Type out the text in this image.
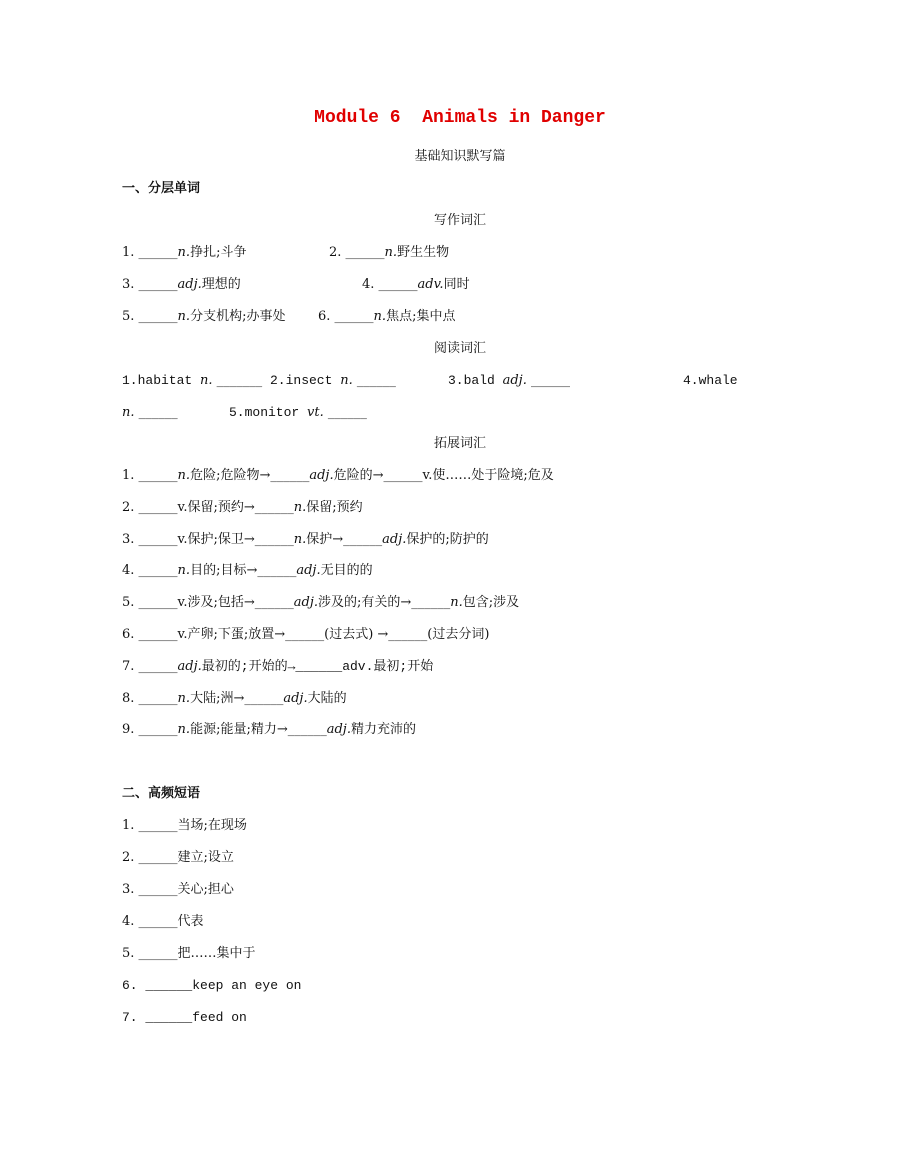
Module 6  Animals in Danger
基础知识默写篇
一、分层单词
写作词汇
阅读词汇
拓展词汇
二、高频短语
1. ______n.挣扎;斗争	2. ______n.野生生物
3. ______adj.理想的	4. ______adv.同时
5. ______n.分支机构;办事处	6. ______n.焦点;集中点
1.habitat n. _______ 2.insect n. ______	3.bald adj. ______	4.whale
n. ______	5.monitor vt. ______
1. ______n.危险;危险物→______adj.危险的→______v.使……处于险境;危及
2. ______v.保留;预约→______n.保留;预约
3. ______v.保护;保卫→______n.保护→______adj.保护的;防护的
4. ______n.目的;目标→______adj.无目的的
5. ______v.涉及;包括→______adj.涉及的;有关的→______n.包含;涉及
6. ______v.产卵;下蛋;放置→______(过去式) →______(过去分词)
7. ______adj.最初的;开始的→______adv.最初;开始
8. ______n.大陆;洲→______adj.大陆的
9. ______n.能源;能量;精力→______adj.精力充沛的
1. ______当场;在现场
2. ______建立;设立
3. ______关心;担心
4. ______代表
5. ______把……集中于
6. ______keep an eye on
7. ______feed on
